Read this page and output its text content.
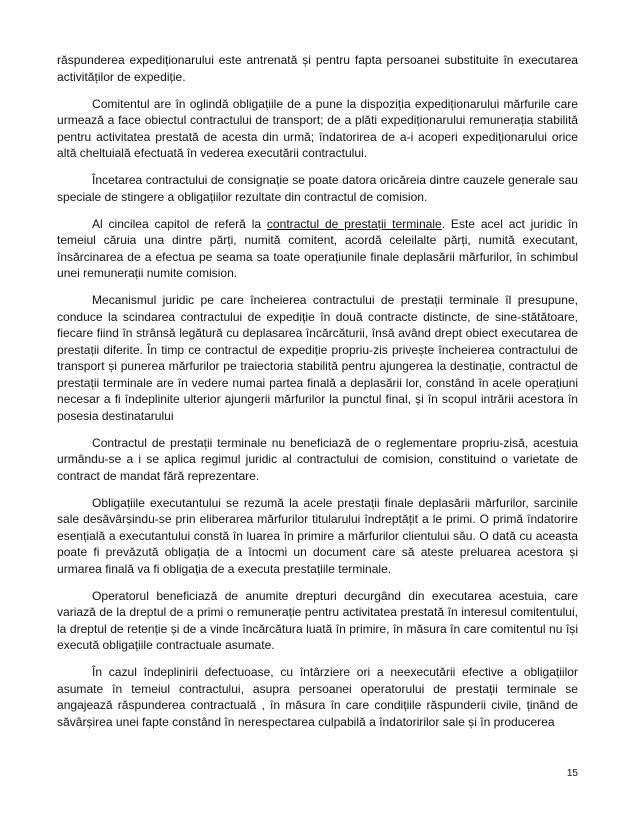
răspunderea expediționarului este antrenată și pentru fapta persoanei substituite în executarea activităților de expediție.

Comitentul are în oglindă obligațiile de a pune la dispoziția expediționarului mărfurile care urmează a face obiectul contractului de transport; de a plăti expediționarului remunerația stabilită pentru activitatea prestată de acesta din urmă; îndatorirea de a-i acoperi expediționarului orice altă cheltuială efectuată în vederea executării contractului.

Încetarea contractului de consignație se poate datora oricăreia dintre cauzele generale sau speciale de stingere a obligațiilor rezultate din contractul de comision.

Al cincilea capitol de referă la contractul de prestații terminale. Este acel act juridic în temeiul căruia una dintre părți, numită comitent, acordă celeilalte părți, numită executant, însărcinarea de a efectua pe seama sa toate operațiunile finale deplasării mărfurilor, în schimbul unei remunerații numite comision.

Mecanismul juridic pe care încheierea contractului de prestații terminale îl presupune, conduce la scindarea contractului de expediție în două contracte distincte, de sine-stătătoare, fiecare fiind în strânsă legătură cu deplasarea încărcăturii, însă având drept obiect executarea de prestații diferite. În timp ce contractul de expediție propriu-zis privește încheierea contractului de transport și punerea mărfurilor pe traiectoria stabilită pentru ajungerea la destinație, contractul de prestații terminale are în vedere numai partea finală a deplasării lor, constând în acele operațiuni necesar a fi îndeplinite ulterior ajungerii mărfurilor la punctul final, și în scopul intrării acestora în posesia destinatarului

Contractul de prestații terminale nu beneficiază de o reglementare propriu-zisă, acestuia urmându-se a i se aplica regimul juridic al contractului de comision, constituind o varietate de contract de mandat fără reprezentare.

Obligațiile executantului se rezumă la acele prestații finale deplasării mărfurilor, sarcinile sale desăvârșindu-se prin eliberarea mărfurilor titularului îndreptățit a le primi. O primă îndatorire esențială a executantului constă în luarea în primire a mărfurilor clientului său. O dată cu aceasta poate fi prevăzută obligația de a întocmi un document care să ateste preluarea acestora și urmarea finală va fi obligația de a executa prestațiile terminale.

Operatorul beneficiază de anumite drepturi decurgând din executarea acestuia, care variază de la dreptul de a primi o remunerație pentru activitatea prestată în interesul comitentului, la dreptul de retenție și de a vinde încărcătura luată în primire, în măsura în care comitentul nu își execută obligațiile contractuale asumate.

În cazul îndeplinirii defectuoase, cu întârziere ori a neexecutării efective a obligațiilor asumate în temeiul contractului, asupra persoanei operatorului de prestații terminale se angajează răspunderea contractuală , în măsura în care condițiile răspunderii civile, ținând de săvârșirea unei fapte constând în nerespectarea culpabilă a îndatoririlor sale și în producerea

15
